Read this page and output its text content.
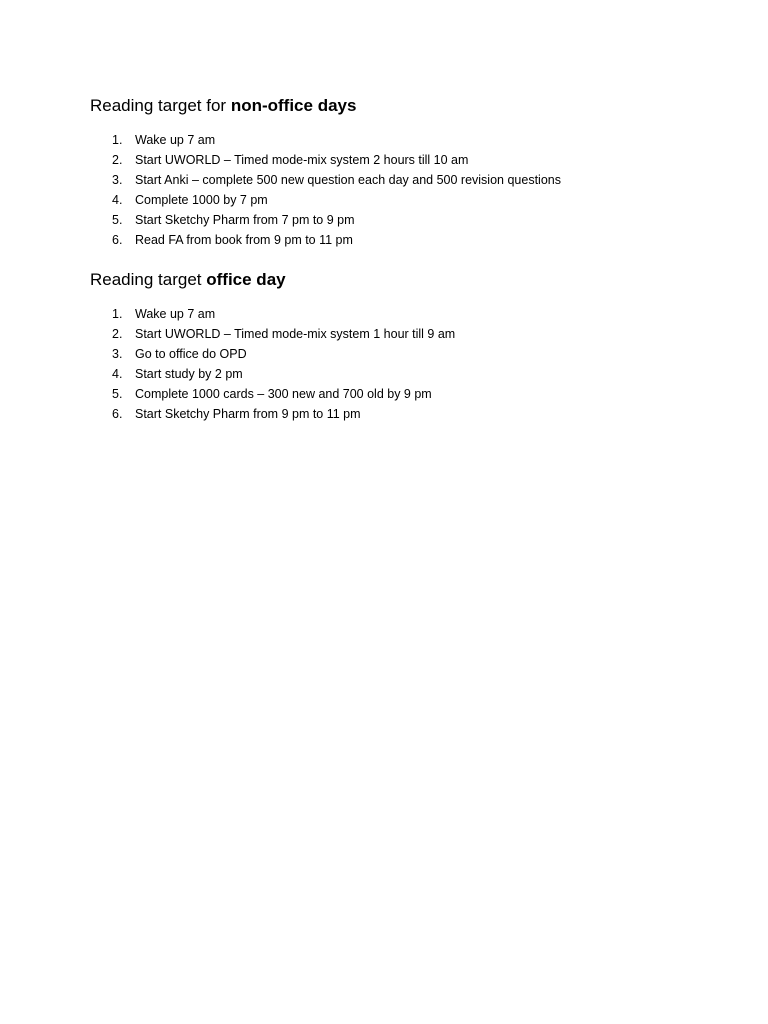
Reading target for non-office days
1.	Wake up 7 am
2.	Start UWORLD – Timed mode-mix system 2 hours till 10 am
3.	Start Anki – complete 500 new question each day and 500 revision questions
4.	Complete 1000 by 7 pm
5.	Start Sketchy Pharm from 7 pm to 9 pm
6.	Read FA from book from 9 pm to 11 pm
Reading target office day
1.	Wake up 7 am
2.	Start UWORLD – Timed mode-mix system 1 hour till 9 am
3.	Go to office do OPD
4.	Start study by 2 pm
5.	Complete 1000 cards – 300 new and 700 old by 9 pm
6.	Start Sketchy Pharm from 9 pm to 11 pm
